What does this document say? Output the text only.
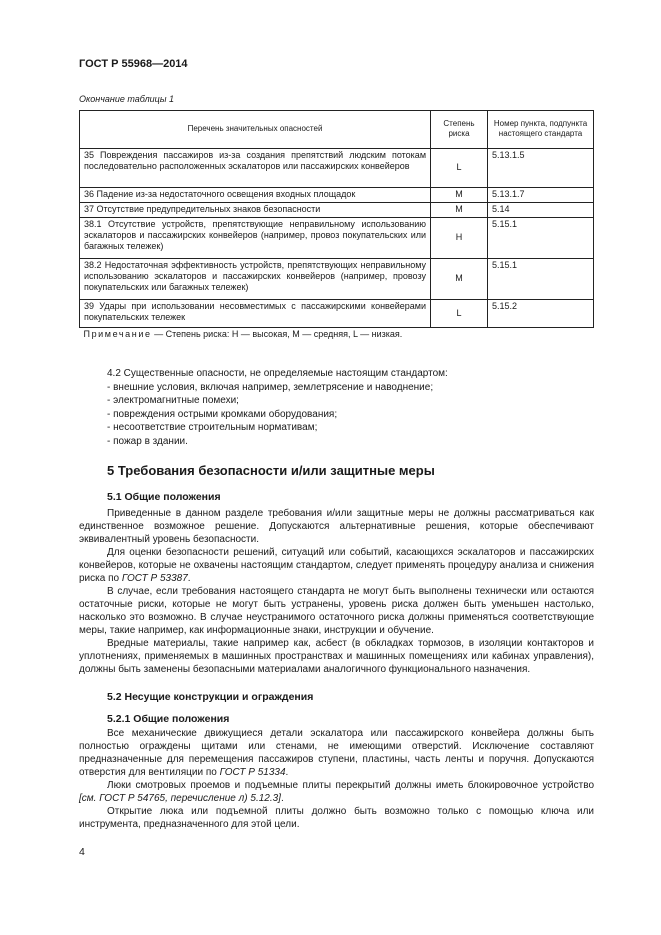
ГОСТ Р 55968—2014
Окончание таблицы 1
Перечень значительных опасностей	Степень риска	Номер пункта, подпункта настоящего стандарта
35 Повреждения пассажиров из-за создания препятствий людским потокам последовательно расположенных эскалаторов или пассажирских конвейеров	L	5.13.1.5
36 Падение из-за недостаточного освещения входных площадок	M	5.13.1.7
37 Отсутствие предупредительных знаков безопасности	M	5.14
38.1 Отсутствие устройств, препятствующие неправильному использованию эскалаторов и пассажирских конвейеров (например, провоз покупательских или багажных тележек)	H	5.15.1
38.2 Недостаточная эффективность устройств, препятствующих неправильному использованию эскалаторов и пассажирских конвейеров (например, провозу покупательских или багажных тележек)	M	5.15.1
39 Удары при использовании несовместимых с пассажирскими конвейерами покупательских тележек	L	5.15.2
Примечание — Степень риска: H — высокая, M — средняя, L — низкая.		
4.2 Существенные опасности, не определяемые настоящим стандартом:
- внешние условия, включая например, землетрясение и наводнение;
- электромагнитные помехи;
- повреждения острыми кромками оборудования;
- несоответствие строительным нормативам;
- пожар в здании.
5 Требования безопасности и/или защитные меры
5.1 Общие положения

Приведенные в данном разделе требования и/или защитные меры не должны рассматриваться как единственное возможное решение. Допускаются альтернативные решения, которые обеспечивают эквивалентный уровень безопасности.

Для оценки безопасности решений, ситуаций или событий, касающихся эскалаторов и пассажирских конвейеров, которые не охвачены настоящим стандартом, следует применять процедуру анализа и снижения риска по ГОСТ Р 53387.

В случае, если требования настоящего стандарта не могут быть выполнены технически или остаются остаточные риски, которые не могут быть устранены, уровень риска должен быть уменьшен настолько, насколько это возможно. В случае неустранимого остаточного риска должны применяться соответствующие меры, такие например, как информационные знаки, инструкции и обучение.

Вредные материалы, такие например как, асбест (в обкладках тормозов, в изоляции контакторов и уплотнениях, применяемых в машинных пространствах и машинных помещениях или кабинах управления), должны быть заменены безопасными материалами аналогичного функционального назначения.

5.2 Несущие конструкции и ограждения
5.2.1 Общие положения

Все механические движущиеся детали эскалатора или пассажирского конвейера должны быть полностью ограждены щитами или стенами, не имеющими отверстий. Исключение составляют предназначенные для перемещения пассажиров ступени, пластины, часть ленты и поручня. Допускаются отверстия для вентиляции по ГОСТ Р 51334.

Люки смотровых проемов и подъемные плиты перекрытий должны иметь блокировочное устройство [см. ГОСТ Р 54765, перечисление л) 5.12.3].

Открытие люка или подъемной плиты должно быть возможно только с помощью ключа или инструмента, предназначенного для этой цели.

4
